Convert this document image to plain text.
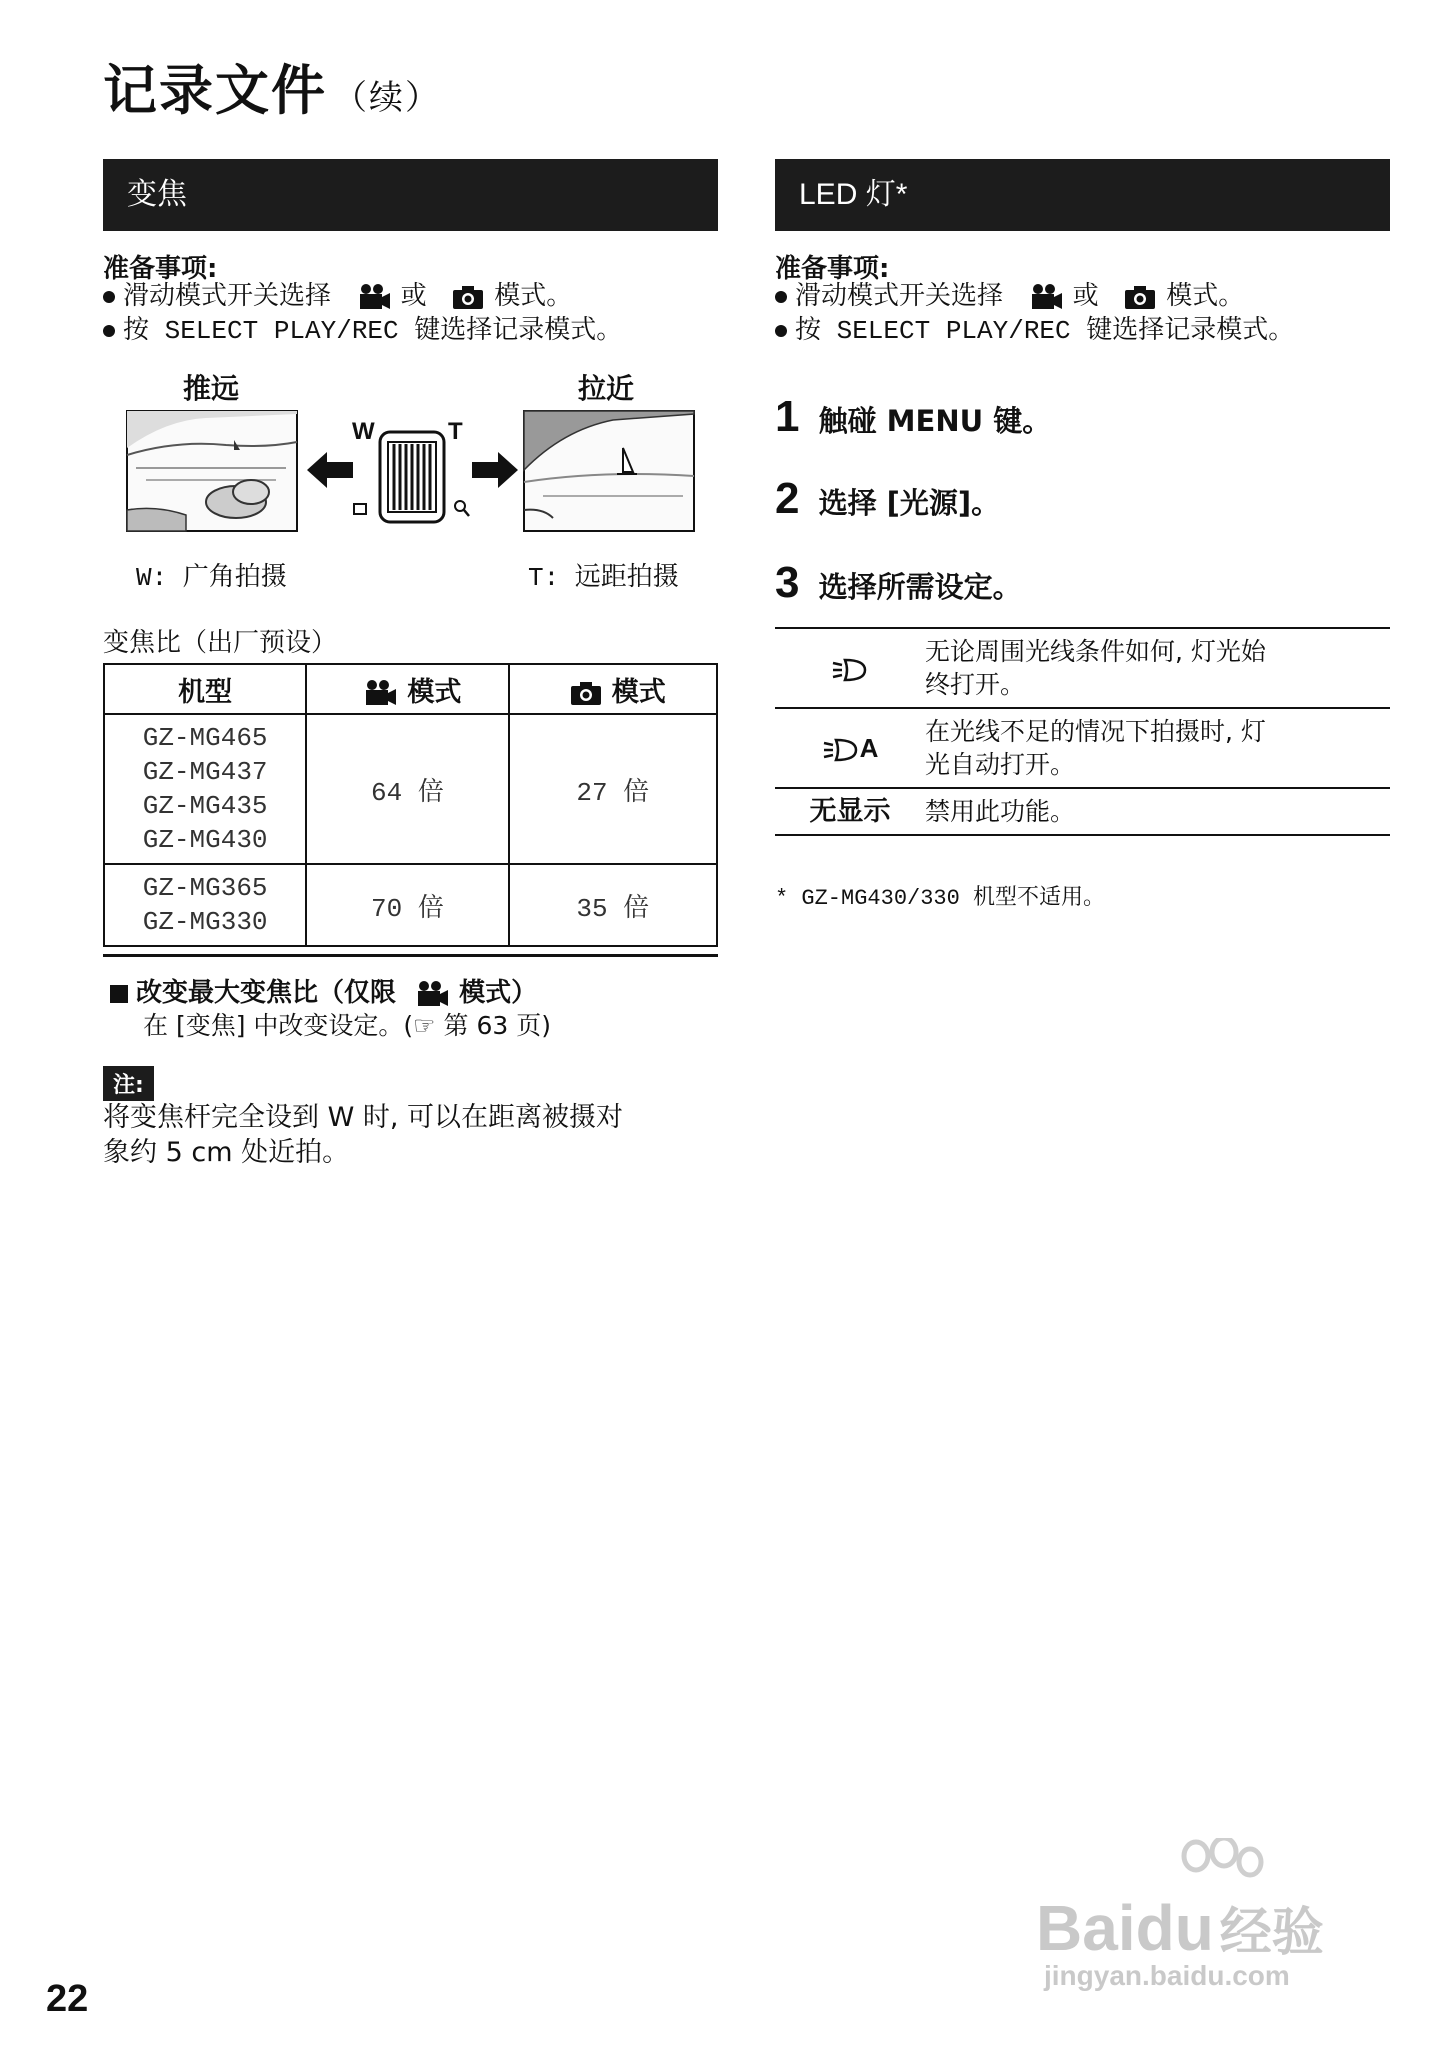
记录文件 （续）
变焦
准备事项:
滑动模式开关选择	或	模式。
按 SELECT PLAY/REC 键选择记录模式。
推远	拉近
W	T
W: 广角拍摄	T: 远距拍摄
变焦比（出厂预设）
机型	模式	模式

GZ-MG465
GZ-MG437
GZ-MG435
GZ-MG430	64 倍	27 倍

GZ-MG365
GZ-MG330	70 倍	35 倍
改变最大变焦比（仅限 模式）
在 [变焦] 中改变设定。(☞ 第 63 页)
注:
将变焦杆完全设到 W 时, 可以在距离被摄对
象约 5 cm 处近拍。
LED 灯*
准备事项:
滑动模式开关选择	或	模式。
按 SELECT PLAY/REC 键选择记录模式。
1 触碰 MENU 键。
2 选择 [光源]。
3 选择所需设定。

无论周围光线条件如何, 灯光始
终打开。

A	在光线不足的情况下拍摄时, 灯
光自动打开。

无显示	禁用此功能。
* GZ-MG430/330 机型不适用。
22
Baidu 经验
jingyan.baidu.com
